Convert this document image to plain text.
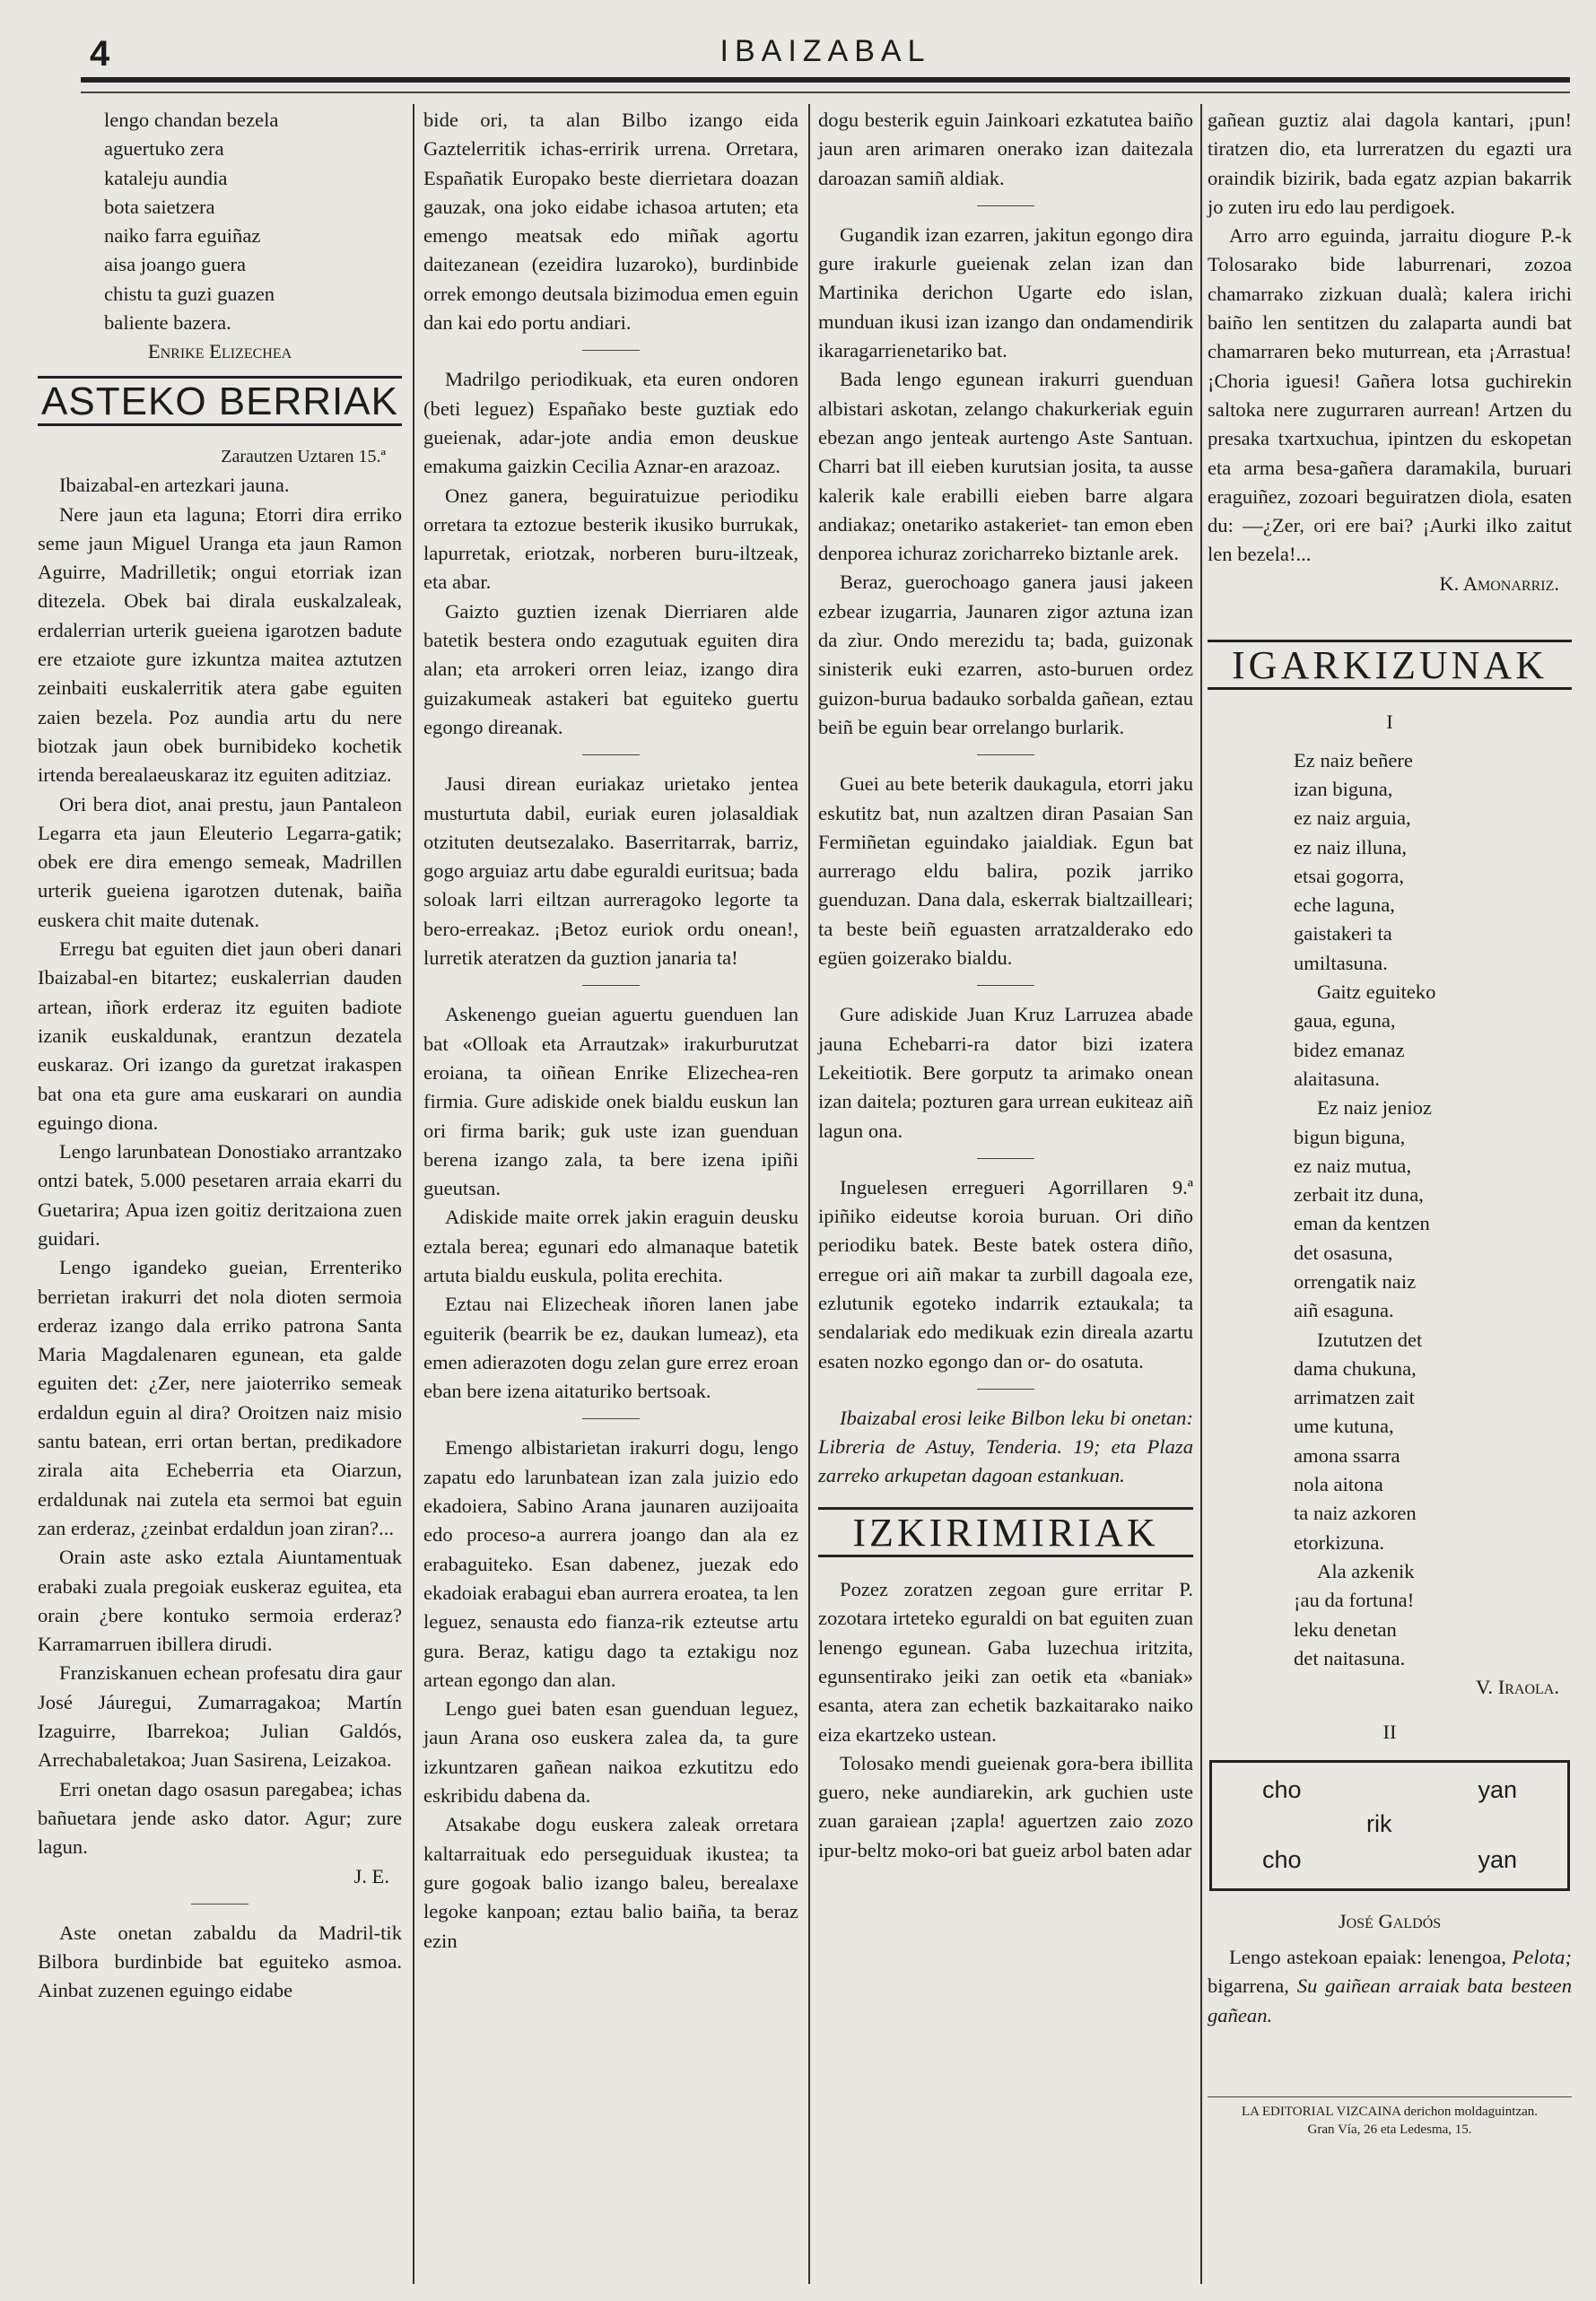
4	IBAIZABAL
lengo chandan bezela
aguertuko zera
kataleju aundia
bota saietzera
naiko farra eguiñaz
aisa joango guera
chistu ta guzi guazen
baliente bazera.
Enrike Elizechea
ASTEKO BERRIAK
Zarautzen Uztaren 15.ª

Ibaizabal-en artezkari jauna.

Nere jaun eta laguna; Etorri dira erriko seme jaun Miguel Uranga eta jaun Ramon Aguirre, Madrilletik; ongui etorriak izan ditezela. Obek bai dirala euskalzaleak, erdalerrian urterik gueiena igarotzen badute ere etzaiote gure izkuntza maitea aztutzen zeinbaiti euskalerritik atera gabe eguiten zaien bezela. Poz aundia artu du nere biotzak jaun obek burnibideko kochetik irtenda berealaeuskaraz itz eguiten aditziaz.

Ori bera diot, anai prestu, jaun Pantaleon Legarra eta jaun Eleuterio Legarra-gatik; obek ere dira emengo semeak, Madrillen urterik gueiena igarotzen dutenak, baiña euskera chit maite dutenak.

Erregu bat eguiten diet jaun oberi danari Ibaizabal-en bitartez; euskalerrian dauden artean, iñork erderaz itz eguiten badiote izanik euskaldunak, erantzun dezatela euskaraz. Ori izango da guretzat irakaspen bat ona eta gure ama euskarari on aundia eguingo diona.

Lengo larunbatean Donostiako arrantzako ontzi batek, 5.000 pesetaren arraia ekarri du Guetarira; Apua izen goitiz deritzaiona zuen guidari.

Lengo igandeko gueian, Errenteriko berrietan irakurri det nola dioten sermoia erderaz izango dala erriko patrona Santa Maria Magdalenaren egunean, eta galde eguiten det: ¿Zer, nere jaioterriko semeak erdaldun eguin al dira? Oroitzen naiz misio santu batean, erri ortan bertan, predikadore zirala aita Echeberria eta Oiarzun, erdaldunak nai zutela eta sermoi bat eguin zan erderaz, ¿zeinbat erdaldun joan ziran?...

Orain aste asko eztala Aiuntamentuak erabaki zuala pregoiak euskeraz eguitea, eta orain ¿bere kontuko sermoia erderaz? Karramarruen ibillera dirudi.

Franziskanuen echean profesatu dira gaur José Jáuregui, Zumarragakoa; Martín Izaguirre, Ibarrekoa; Julian Galdós, Arrechabaletakoa; Juan Sasirena, Leizakoa.

Erri onetan dago osasun paregabea; ichas bañuetara jende asko dator. Agur; zure lagun.

J. E.

Aste onetan zabaldu da Madril-tik Bilbora burdinbide bat eguiteko asmoa. Ainbat zuzenen eguingo eidabe

bide ori, ta alan Bilbo izango eida Gaztelerritik ichas-erririk urrena. Orretara, Españatik Europako beste dierrietara doazan gauzak, ona joko eidabe ichasoa artuten; eta emengo meatsak edo miñak agortu daitezanean (ezeidira luzaroko), burdinbide orrek emongo deutsala bizimodua emen eguin dan kai edo portu andiari.

Madrilgo periodikuak, eta euren ondoren (beti leguez) Españako beste guztiak edo gueienak, adar-jote andia emon deuskue emakuma gaizkin Cecilia Aznar-en arazoaz.

Onez ganera, beguiratuizue periodiku orretara ta eztozue besterik ikusiko burrukak, lapurretak, eriotzak, norberen buru-iltzeak, eta abar.

Gaizto guztien izenak Dierriaren alde batetik bestera ondo ezagutuak eguiten dira alan; eta arrokeri orren leiaz, izango dira guizakumeak astakeri bat eguiteko guertu egongo direanak.

Jausi direan euriakaz urietako jentea musturtuta dabil, euriak euren jolasaldiak otzituten deutsezalako. Baserritarrak, barriz, gogo arguiaz artu dabe eguraldi euritsua; bada soloak larri eiltzan aurreragoko legorte ta bero-erreakaz. ¡Betoz euriok ordu onean!, lurretik ateratzen da guztion janaria ta!

Askenengo gueian aguertu guenduen lan bat «Olloak eta Arrautzak» irakurburutzat eroiana, ta oiñean Enrike Elizechea-ren firmia. Gure adiskide onek bialdu euskun lan ori firma barik; guk uste izan guenduan berena izango zala, ta bere izena ipiñi gueutsan.

Adiskide maite orrek jakin eraguin deusku eztala berea; egunari edo almanaque batetik artuta bialdu euskula, polita erechita.

Eztau nai Elizecheak iñoren lanen jabe eguiterik (bearrik be ez, daukan lumeaz), eta emen adierazoten dogu zelan gure errez eroan eban bere izena aitaturiko bertsoak.

Emengo albistarietan irakurri dogu, lengo zapatu edo larunbatean izan zala juizio edo ekadoiera, Sabino Arana jaunaren auzijoaita edo proceso-a aurrera joango dan ala ez erabaguiteko. Esan dabenez, juezak edo ekadoiak erabagui eban aurrera eroatea, ta len leguez, senausta edo fianza-rik ezteutse artu gura. Beraz, katigu dago ta eztakigu noz artean egongo dan alan.

Lengo guei baten esan guenduan leguez, jaun Arana oso euskera zalea da, ta gure izkuntzaren gañean naikoa ezkutitzu edo eskribidu dabena da.

Atsakabe dogu euskera zaleak orretara kaltarraituak edo perseguiduak ikustea; ta gure gogoak balio izango baleu, berealaxe legoke kanpoan; eztau balio baiña, ta beraz ezin

dogu besterik eguin Jainkoari ezkatutea baiño jaun aren arimaren onerako izan daitezala daroazan samiñ aldiak.

Gugandik izan ezarren, jakitun egongo dira gure irakurle gueienak zelan izan dan Martinika derichon Ugarte edo islan, munduan ikusi izan izango dan ondamendirik ikaragarrienetariko bat.

Bada lengo egunean irakurri guenduan albistari askotan, zelango chakurkeriak eguin ebezan ango jenteak aurtengo Aste Santuan. Charri bat ill eieben kurutsian josita, ta ausse kalerik kale erabilli eieben barre algara andiakaz; onetariko astakeriet- tan emon eben denporea ichuraz zoricharreko biztanle arek.

Beraz, guerochoago ganera jausi jakeen ezbear izugarria, Jaunaren zigor aztuna izan da zìur. Ondo merezidu ta; bada, guizonak sinisterik euki ezarren, asto-buruen ordez guizon-burua badauko sorbalda gañean, eztau beiñ be eguin bear orrelango burlarik.

Guei au bete beterik daukagula, etorri jaku eskutitz bat, nun azaltzen diran Pasaian San Fermiñetan eguindako jaialdiak. Egun bat aurrerago eldu balira, pozik jarriko guenduzan. Dana dala, eskerrak bialtzailleari; ta beste beiñ eguasten arratzalderako edo egüen goizerako bialdu.

Gure adiskide Juan Kruz Larruzea abade jauna Echebarri-ra dator bizi izatera Lekeitiotik. Bere gorputz ta arimako onean izan daitela; pozturen gara urrean eukiteaz aiñ lagun ona.

Inguelesen erregueri Agorrillaren 9.ª ipiñiko eideutse koroia buruan. Ori diño periodiku batek. Beste batek ostera diño, erregue ori aiñ makar ta zurbill dagoala eze, ezlutunik egoteko indarrik eztaukala; ta sendalariak edo medikuak ezin direala azartu esaten nozko egongo dan or- do osatuta.

Ibaizabal erosi leike Bilbon leku bi onetan: Libreria de Astuy, Tenderia. 19; eta Plaza zarreko arkupetan dagoan estankuan.

IZKIRIMIRIAK

Pozez zoratzen zegoan gure erritar P. zozotara irteteko eguraldi on bat eguiten zuan lenengo egunean. Gaba luzechua iritzita, egunsentirako jeiki zan oetik eta «baniak» esanta, atera zan echetik bazkaitarako naiko eiza ekartzeko ustean.

Tolosako mendi gueienak gora-bera ibillita guero, neke aundiarekin, ark guchien uste zuan garaiean ¡zapla! aguertzen zaio zozo ipur-beltz moko-ori bat gueiz arbol baten adar

gañean guztiz alai dagola kantari, ¡pun! tiratzen dio, eta lurreratzen du egazti ura oraindik bizirik, bada egatz azpian bakarrik jo zuten iru edo lau perdigoek.

Arro arro eguinda, jarraitu diogure P.-k Tolosarako bide laburrenari, zozoa chamarrako zizkuan dualà; kalera irichi baiño len sentitzen du zalaparta aundi bat chamarraren beko muturrean, eta ¡Arrastua! ¡Choria iguesi! Gañera lotsa guchirekin saltoka nere zugurraren aurrean! Artzen du presaka txartxuchua, ipintzen du eskopetan eta arma besa-gañera daramakila, buruari eraguiñez, zozoari beguiratzen diola, esaten du: —¿Zer, ori ere bai? ¡Aurki ilko zaitut len bezela!...

K. Amonarriz.
IGARKIZUNAK
I
Ez naiz beñere
izan biguna,
ez naiz arguia,
ez naiz illuna,
etsai gogorra,
eche laguna,
gaistakeri ta
umiltasuna.
Gaitz eguiteko
gaua, eguna,
bidez emanaz
alaitasuna.
Ez naiz jenioz
bigun biguna,
ez naiz mutua,
zerbait itz duna,
eman da kentzen
det osasuna,
orrengatik naiz
aiñ esaguna.
Izututzen det
dama chukuna,
arrimatzen zait
ume kutuna,
amona ssarra
nola aitona
ta naiz azkoren
etorkizuna.
Ala azkenik
¡au da fortuna!
leku denetan
det naitasuna.
V. Iraola.
II
cho	yan
rik
cho	yan
José Galdós

Lengo astekoan epaiak: lenengoa, Pelota; bigarrena, Su gaiñean arraiak bata besteen gañean.

LA EDITORIAL VIZCAINA derichon moldaguintzan.
Gran Vía, 26 eta Ledesma, 15.
